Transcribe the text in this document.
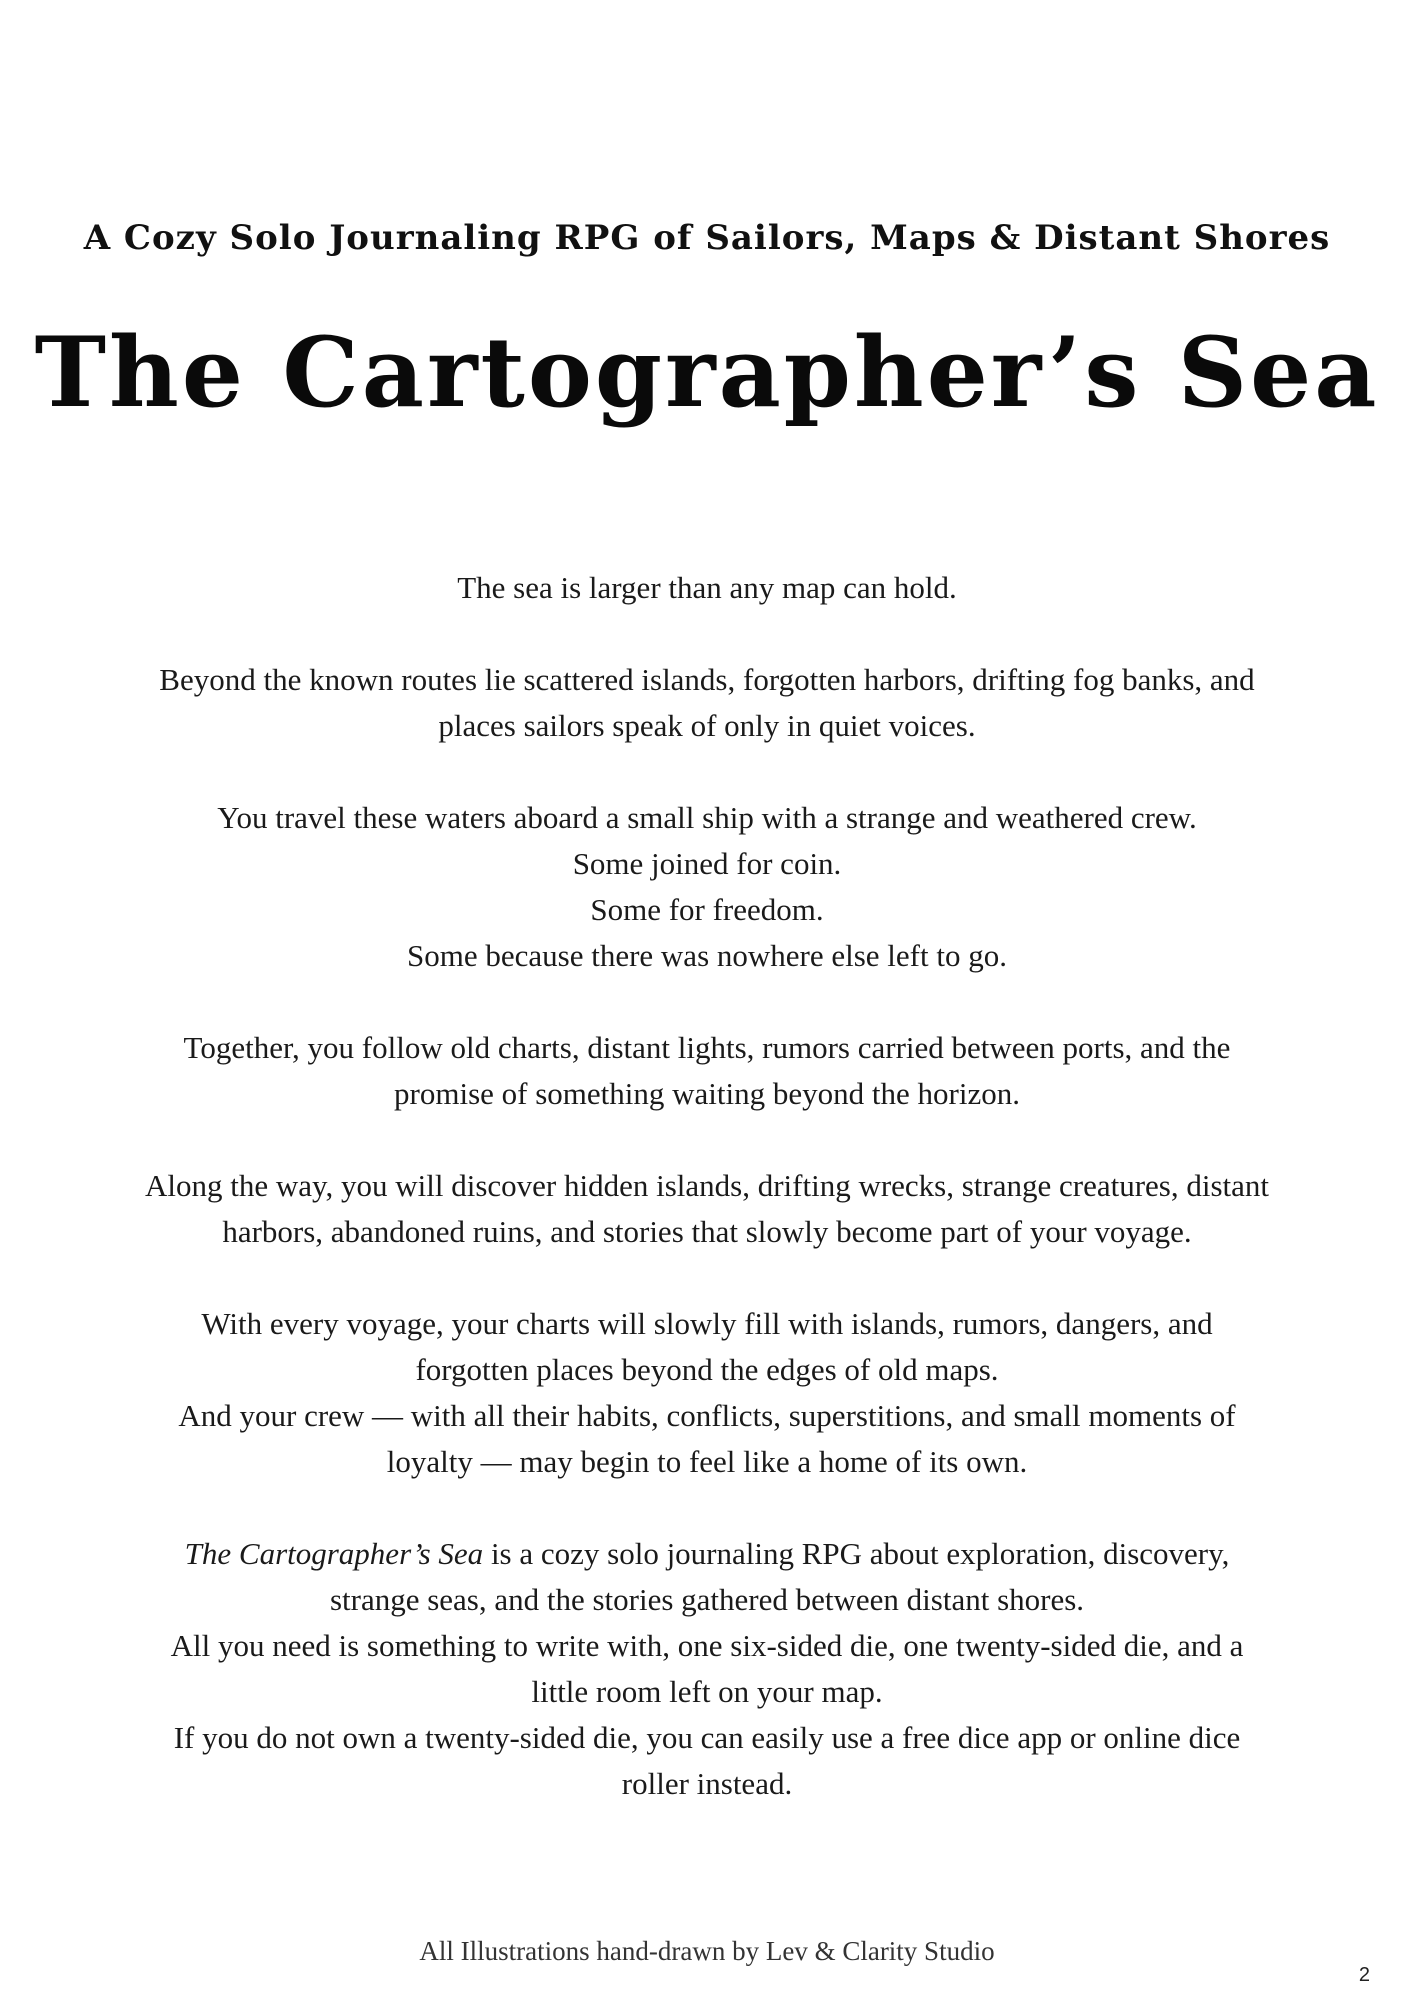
A Cozy Solo Journaling RPG of Sailors, Maps & Distant Shores
The Cartographer’s Sea

The sea is larger than any map can hold.

Beyond the known routes lie scattered islands, forgotten harbors, drifting fog banks, and
places sailors speak of only in quiet voices.

You travel these waters aboard a small ship with a strange and weathered crew.
Some joined for coin.
Some for freedom.
Some because there was nowhere else left to go.

Together, you follow old charts, distant lights, rumors carried between ports, and the
promise of something waiting beyond the horizon.

Along the way, you will discover hidden islands, drifting wrecks, strange creatures, distant
harbors, abandoned ruins, and stories that slowly become part of your voyage.

With every voyage, your charts will slowly fill with islands, rumors, dangers, and
forgotten places beyond the edges of old maps.
And your crew — with all their habits, conflicts, superstitions, and small moments of
loyalty — may begin to feel like a home of its own.

The Cartographer’s Sea is a cozy solo journaling RPG about exploration, discovery,
strange seas, and the stories gathered between distant shores.
All you need is something to write with, one six-sided die, one twenty-sided die, and a
little room left on your map.
If you do not own a twenty-sided die, you can easily use a free dice app or online dice
roller instead.

All Illustrations hand-drawn by Lev & Clarity Studio
2
